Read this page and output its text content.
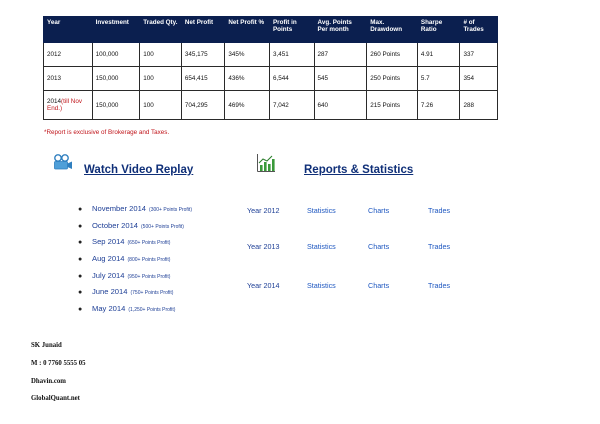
Year	Investment	Traded Qty.	Net Profit	Net Profit %	Profit in Points	Avg. Points Per month	Max. Drawdown	Sharpe Ratio	# of Trades
2012	100,000	100	345,175	345%	3,451	287	260 Points	4.91	337
2013	150,000	100	654,415	436%	6,544	545	250 Points	5.7	354
2014(till Nov End.)	150,000	100	704,295	469%	7,042	640	215 Points	7.26	288
*Report is exclusive of Brokerage and Taxes.
Watch Video Replay
●	November 2014 (300+ Points Profit)
●	October 2014 (500+ Points Profit)
●	Sep 2014 (650+ Points Profit)
●	Aug 2014 (800+ Points Profit)
●	July 2014 (950+ Points Profit)
●	June 2014 (750+ Points Profit)
●	May 2014 (1,250+ Points Profit)
Reports & Statistics
Year 2012	Statistics	Charts	Trades
Year 2013	Statistics	Charts	Trades
Year 2014	Statistics	Charts	Trades
SK Junaid
M : 0 7760 5555 05
Dhavin.com
GlobalQuant.net
